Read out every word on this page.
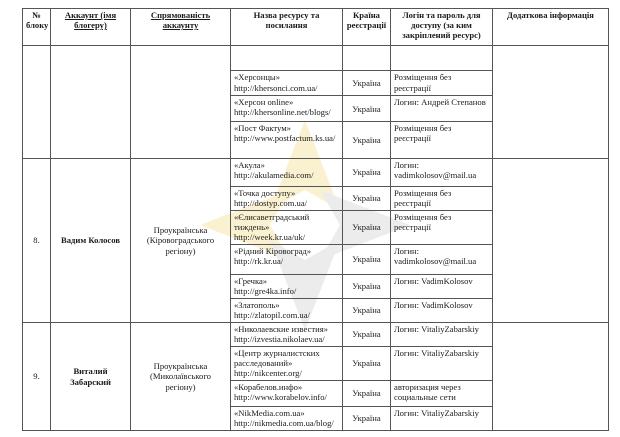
№ блоку	Аккаунт (імя блогеру)	Спрямованість аккаунту	Назва ресурсу та посилання	Країна реєстрації	Логін та пароль для доступу (за ким закріплений ресурс)	Додаткова інформація

			«Херсонцы»
http://khersonci.com.ua/	Україна	Розміщення без реєстрації	

			«Херсон online»
http://khersonline.net/blogs/	Україна	Логин: Андрей Степанов	

			«Пост Фактум»
http://www.postfactum.ks.ua/	Україна	Розміщення без реєстрації	
8.	Вадим Колосов	Проукраїнська (Кіровоградського регіону)	«Акула»
http://akulamedia.com/	Україна	Логин: vadimkolosov@mail.ua	

			«Точка доступу»
http://dostyp.com.ua/	Україна	Розміщення без реєстрації	

			«Єлисаветградський тиждень»
http://week.kr.ua/uk/	Україна	Розміщення без реєстрації	

			«Рідний Кіровоград»
http://rk.kr.ua/	Україна	Логин: vadimkolosov@mail.ua	

			«Гречка»
http://gre4ka.info/	Україна	Логин: VadimKolosov	

			«Златополь»
http://zlatopil.com.ua/	Україна	Логин: VadimKolosov	
9.	Виталий Забарский	Проукраїнська (Миколаївського регіону)	«Николаевские известия»
http://izvestia.nikolaev.ua/	Україна	Логин: VitaliyZabarskiy	

			«Центр журналистских расследований»
http://nikcenter.org/	Україна	Логин: VitaliyZabarskiy	

			«Корабелов.инфо»
http://www.korabelov.info/	Україна	авторизация через социальные сети	

			«NikMedia.com.ua»
http://nikmedia.com.ua/blog/	Україна	Логин: VitaliyZabarskiy	
